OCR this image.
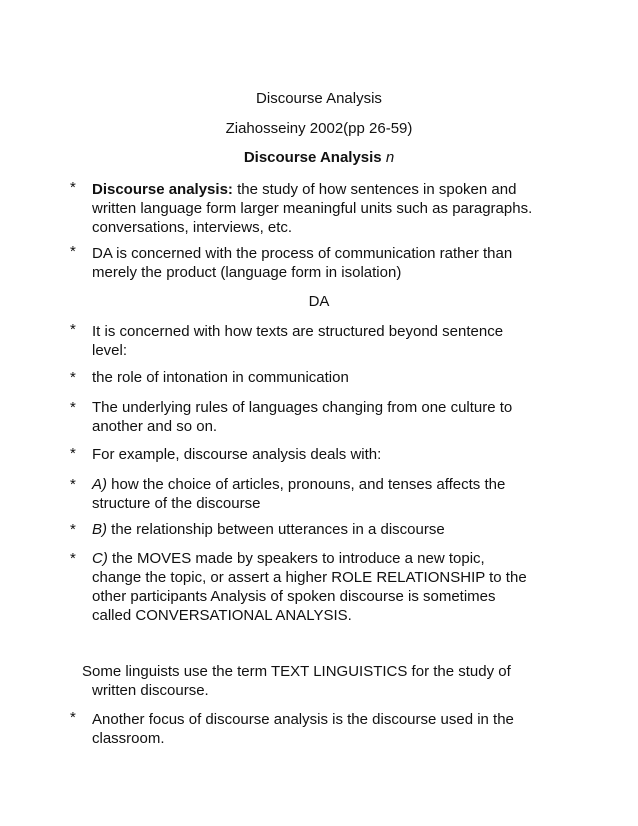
Discourse Analysis
Ziahosseiny 2002(pp 26-59)
Discourse Analysis n
* Discourse analysis: the study of how sentences in spoken and written language form larger meaningful units such as paragraphs. conversations, interviews, etc.
* DA is concerned with the process of communication rather than merely the product (language form in isolation)
DA
* It is concerned with how texts are structured beyond sentence level:
* the role of intonation in communication
* The underlying rules of languages changing from one culture to another and so on.
* For example, discourse analysis deals with:
* A) how the choice of articles, pronouns, and tenses affects the structure of the discourse
* B) the relationship between utterances in a discourse
* C) the MOVES made by speakers to introduce a new topic, change the topic, or assert a higher ROLE RELATIONSHIP to the other participants Analysis of spoken discourse is sometimes called CONVERSATIONAL ANALYSIS.
Some linguists use the term TEXT LINGUISTICS for the study of written discourse.
* Another focus of discourse analysis is the discourse used in the classroom.
